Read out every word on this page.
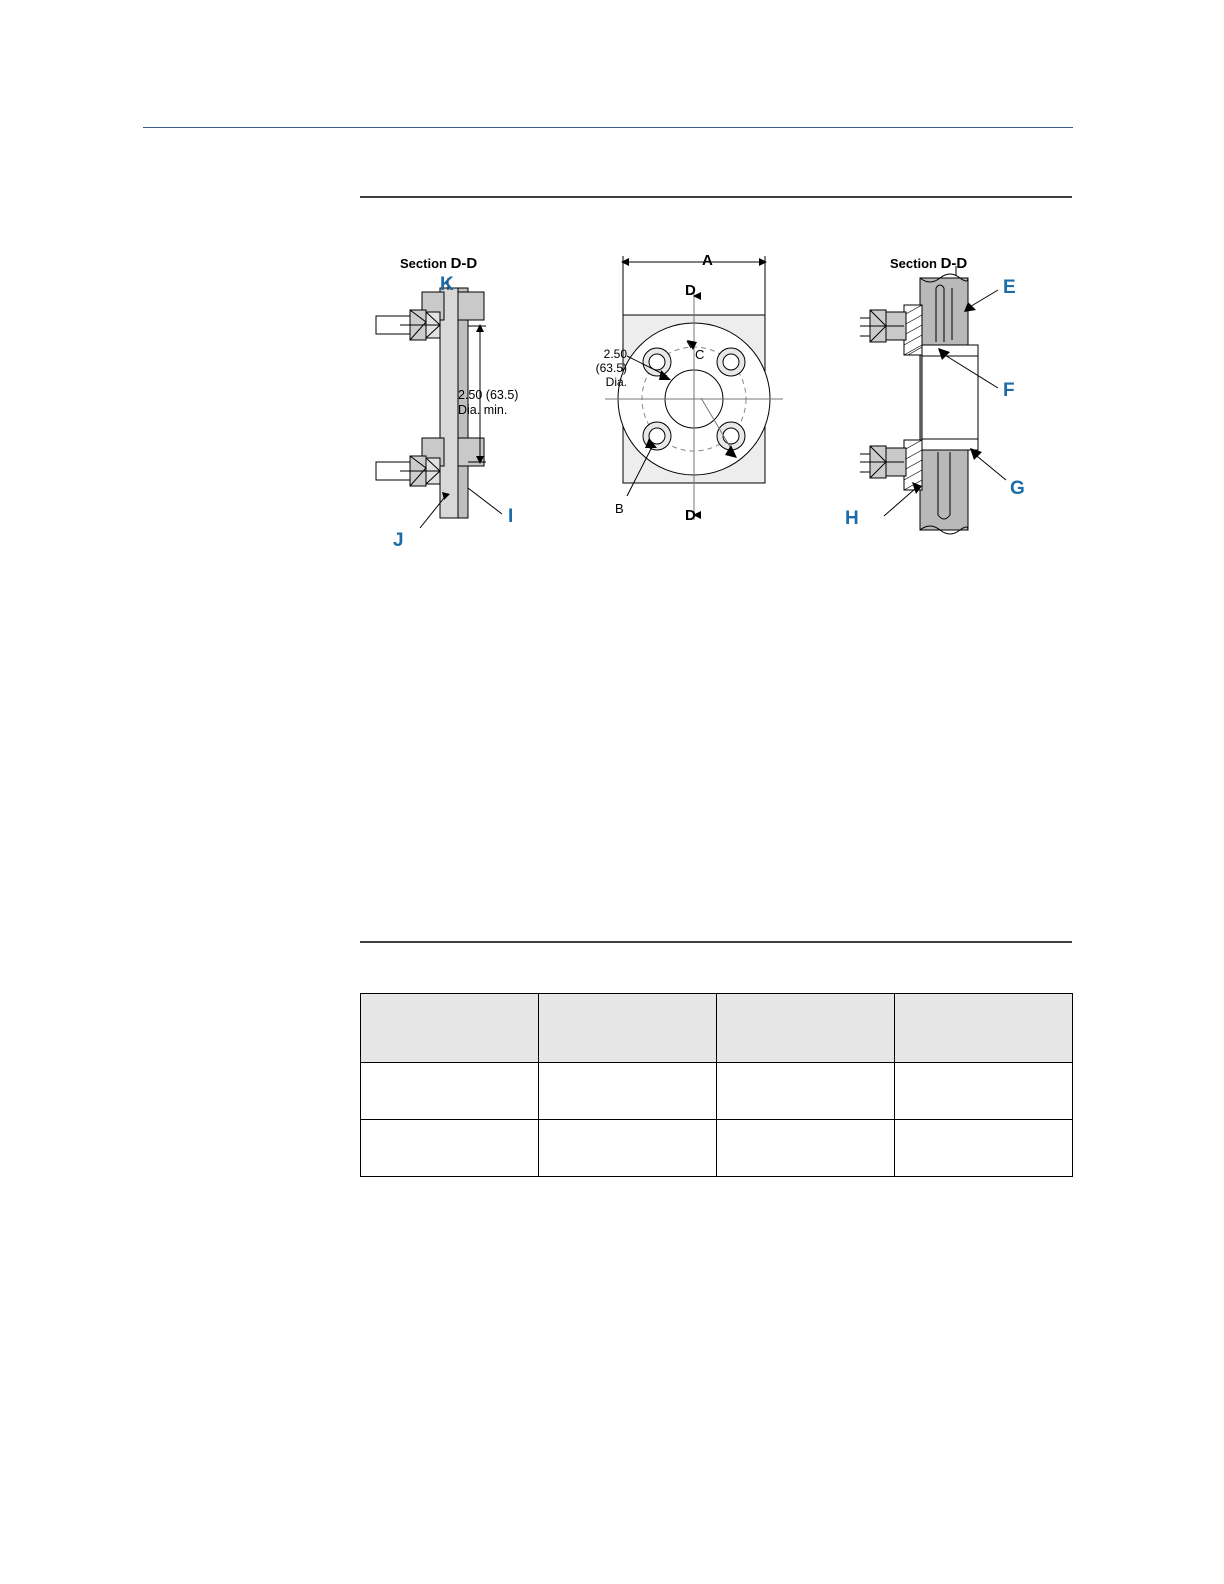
Section D-D
K
I
J
2.50 (63.5)
Dia. min.
A
D
D
2.50
(63.5)
Dia.
C
B
Section D-D
E
F
G
H
